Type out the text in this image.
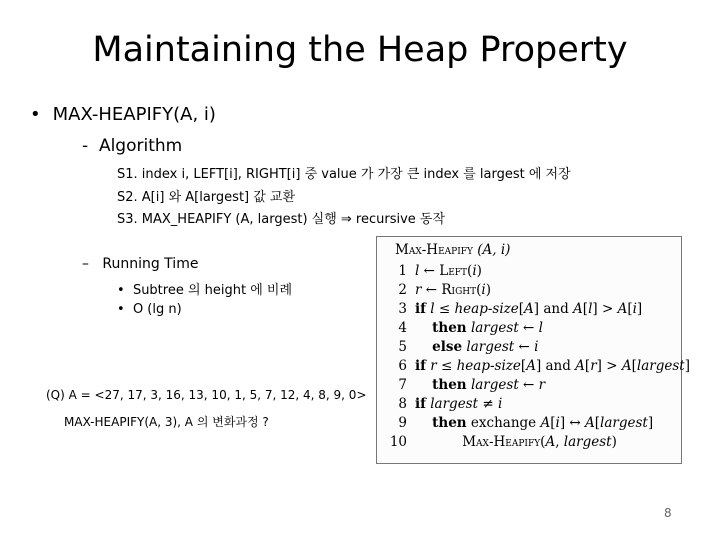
Maintaining the Heap Property
• MAX-HEAPIFY(A, i)
- Algorithm
S1. index i, LEFT[i], RIGHT[i] 중 value 가 가장 큰 index 를 largest 에 저장
S2. A[i] 와 A[largest] 값 교환
S3. MAX_HEAPIFY (A, largest) 실행 ⇒ recursive 동작
– Running Time
• Subtree 의 height 에 비례
• O (lg n)
(Q) A = <27, 17, 3, 16, 13, 10, 1, 5, 7, 12, 4, 8, 9, 0>
MAX-HEAPIFY(A, 3), A 의 변화과정 ?
Max-Heapify (A, i)
1 l ← Left(i)
2 r ← Right(i)
3 if l ≤ heap-size[A] and A[l] > A[i]
4 then largest ← l
5 else largest ← i
6 if r ≤ heap-size[A] and A[r] > A[largest]
7 then largest ← r
8 if largest ≠ i
9 then exchange A[i] ↔ A[largest]
10	Max-Heapify(A, largest)
8
